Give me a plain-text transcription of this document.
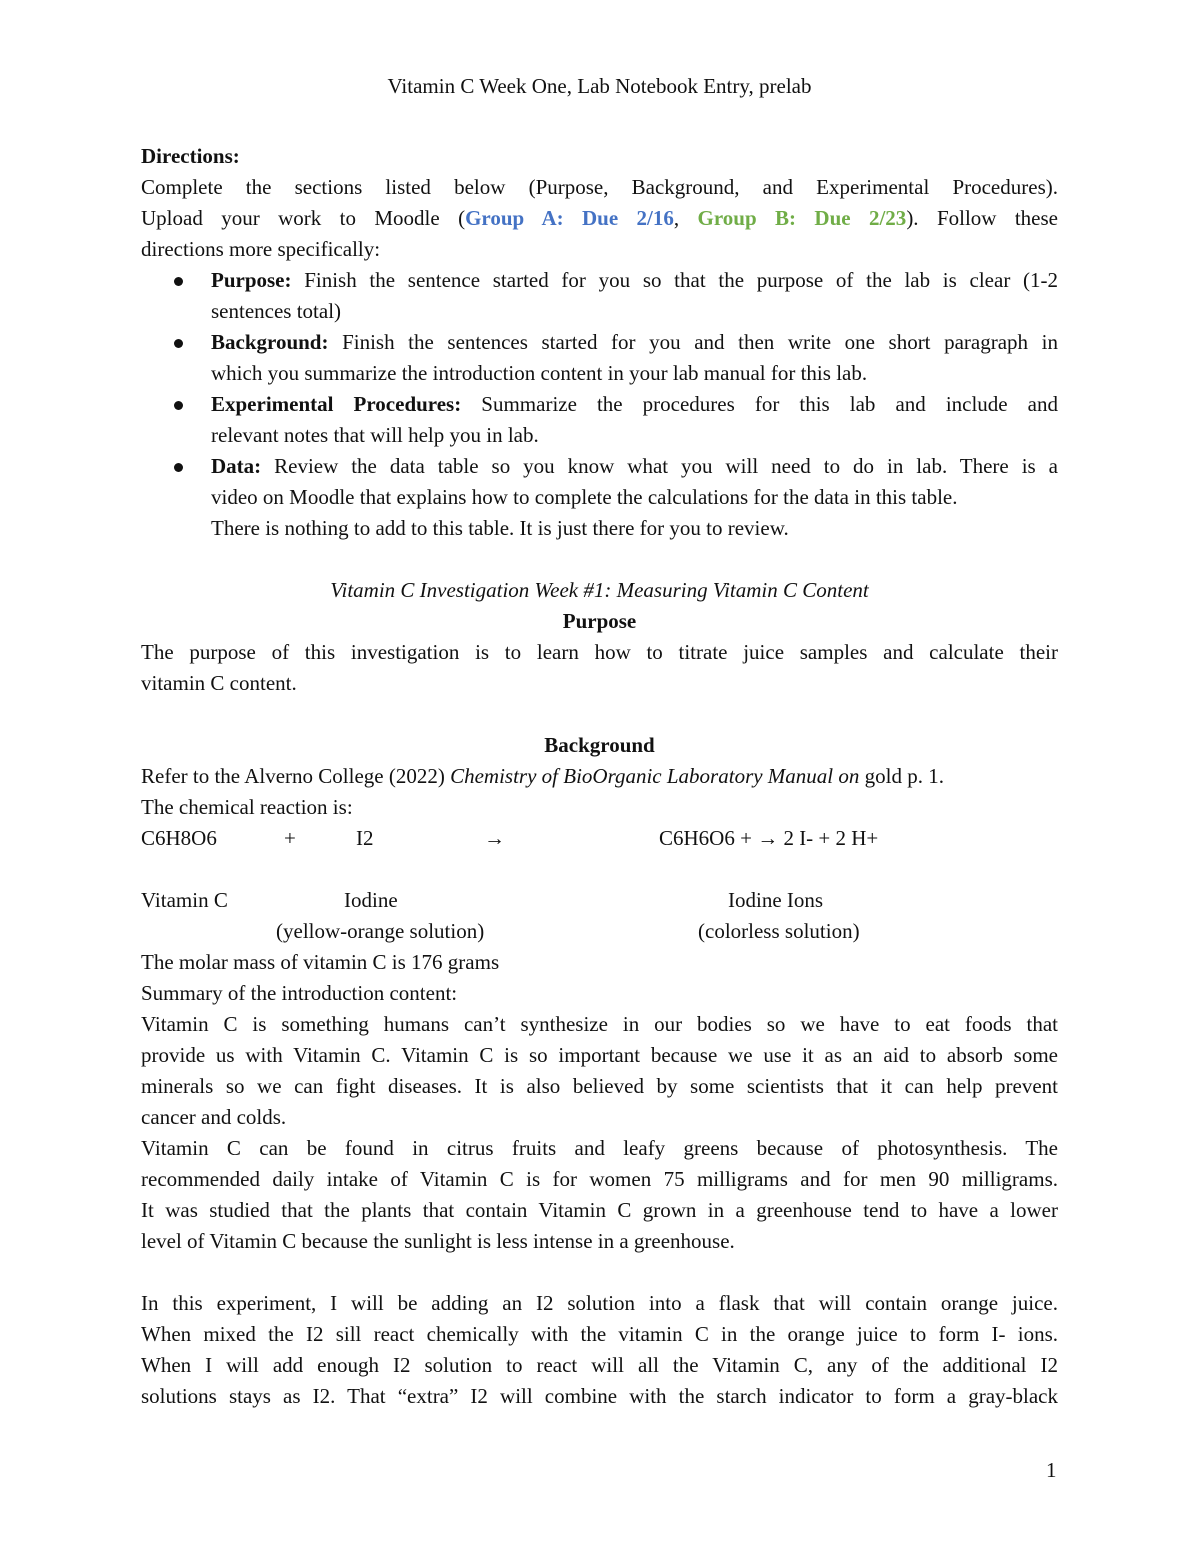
Vitamin C Week One, Lab Notebook Entry, prelab
Directions:
Complete the sections listed below (Purpose, Background, and Experimental Procedures).
Upload your work to Moodle (Group A: Due 2/16, Group B: Due 2/23). Follow these
directions more specifically:
Purpose: Finish the sentence started for you so that the purpose of the lab is clear (1-2
sentences total)
Background: Finish the sentences started for you and then write one short paragraph in
which you summarize the introduction content in your lab manual for this lab.
Experimental Procedures: Summarize the procedures for this lab and include and
relevant notes that will help you in lab.
Data: Review the data table so you know what you will need to do in lab. There is a
video on Moodle that explains how to complete the calculations for the data in this table.
There is nothing to add to this table. It is just there for you to review.
Vitamin C Investigation Week #1: Measuring Vitamin C Content
Purpose
The purpose of this investigation is to learn how to titrate juice samples and calculate their
vitamin C content.
Background
Refer to the Alverno College (2022) Chemistry of BioOrganic Laboratory Manual on gold p. 1.
The chemical reaction is:
C6H8O6	+	I2	→	C6H6O6 + → 2 I- + 2 H+
Vitamin C	Iodine	Iodine Ions
(yellow-orange solution)	(colorless solution)
The molar mass of vitamin C is 176 grams
Summary of the introduction content:
Vitamin C is something humans can’t synthesize in our bodies so we have to eat foods that
provide us with Vitamin C. Vitamin C is so important because we use it as an aid to absorb some
minerals so we can fight diseases. It is also believed by some scientists that it can help prevent
cancer and colds.
Vitamin C can be found in citrus fruits and leafy greens because of photosynthesis. The
recommended daily intake of Vitamin C is for women 75 milligrams and for men 90 milligrams.
It was studied that the plants that contain Vitamin C grown in a greenhouse tend to have a lower
level of Vitamin C because the sunlight is less intense in a greenhouse.
In this experiment, I will be adding an I2 solution into a flask that will contain orange juice.
When mixed the I2 sill react chemically with the vitamin C in the orange juice to form I- ions.
When I will add enough I2 solution to react will all the Vitamin C, any of the additional I2
solutions stays as I2. That “extra” I2 will combine with the starch indicator to form a gray-black
1
